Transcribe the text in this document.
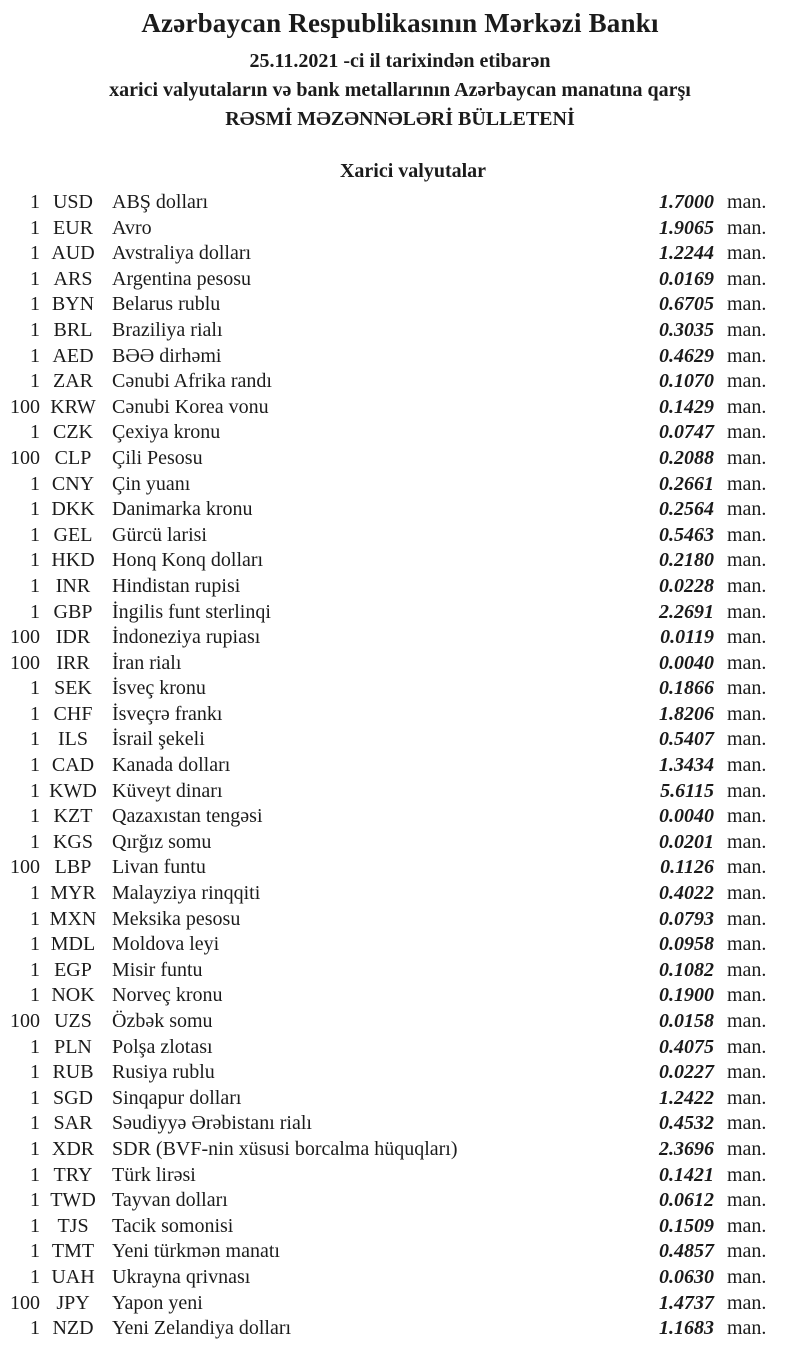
Azərbaycan Respublikasının Mərkəzi Bankı
25.11.2021 -ci il tarixindən etibarən
xarici valyutaların və bank metallarının Azərbaycan manatına qarşı
RƏSMİ MƏZƏNNƏLƏRİ BÜLLETENİ
Xarici valyutalar
1 USD ABŞ dolları	1.7000 man.
1 EUR Avro	1.9065 man.
1 AUD Avstraliya dolları	1.2244 man.
1 ARS Argentina pesosu	0.0169 man.
1 BYN Belarus rublu	0.6705 man.
1 BRL Braziliya rialı	0.3035 man.
1 AED BƏƏ dirhəmi	0.4629 man.
1 ZAR Cənubi Afrika randı	0.1070 man.
100 KRW Cənubi Korea vonu	0.1429 man.
1 CZK Çexiya kronu	0.0747 man.
100 CLP	Çili Pesosu	0.2088 man.
1 CNY Çin yuanı	0.2661 man.
1 DKK Danimarka kronu	0.2564 man.
1 GEL Gürcü larisi	0.5463 man.
1 HKD Honq Konq dolları	0.2180 man.
1 INR	Hindistan rupisi	0.0228 man.
1 GBP İngilis funt sterlinqi	2.2691 man.
100 IDR	İndoneziya rupiası	0.0119 man.
100 IRR	İran rialı	0.0040 man.
1 SEK	İsveç kronu	0.1866 man.
1 CHF İsveçrə frankı	1.8206 man.
1 ILS	İsrail şekeli	0.5407 man.
1 CAD Kanada dolları	1.3434 man.
1 KWD Küveyt dinarı	5.6115 man.
1 KZT Qazaxıstan tengəsi	0.0040 man.
1 KGS Qırğız somu	0.0201 man.
100 LBP	Livan funtu	0.1126 man.
1 MYR Malayziya rinqqiti	0.4022 man.
1 MXN Meksika pesosu	0.0793 man.
1 MDL Moldova leyi	0.0958 man.
1 EGP	Misir funtu	0.1082 man.
1 NOK Norveç kronu	0.1900 man.
100 UZS	Özbək somu	0.0158 man.
1 PLN	Polşa zlotası	0.4075 man.
1 RUB Rusiya rublu	0.0227 man.
1 SGD Sinqapur dolları	1.2422 man.
1 SAR Səudiyyə Ərəbistanı rialı	0.4532 man.
1 XDR SDR (BVF-nin xüsusi borcalma hüquqları)	2.3696 man.
1 TRY Türk lirəsi	0.1421 man.
1 TWD Tayvan dolları	0.0612 man.
1 TJS	Tacik somonisi	0.1509 man.
1 TMT Yeni türkmən manatı	0.4857 man.
1 UAH Ukrayna qrivnası	0.0630 man.
100 JPY	Yapon yeni	1.4737 man.
1 NZD Yeni Zelandiya dolları	1.1683 man.
